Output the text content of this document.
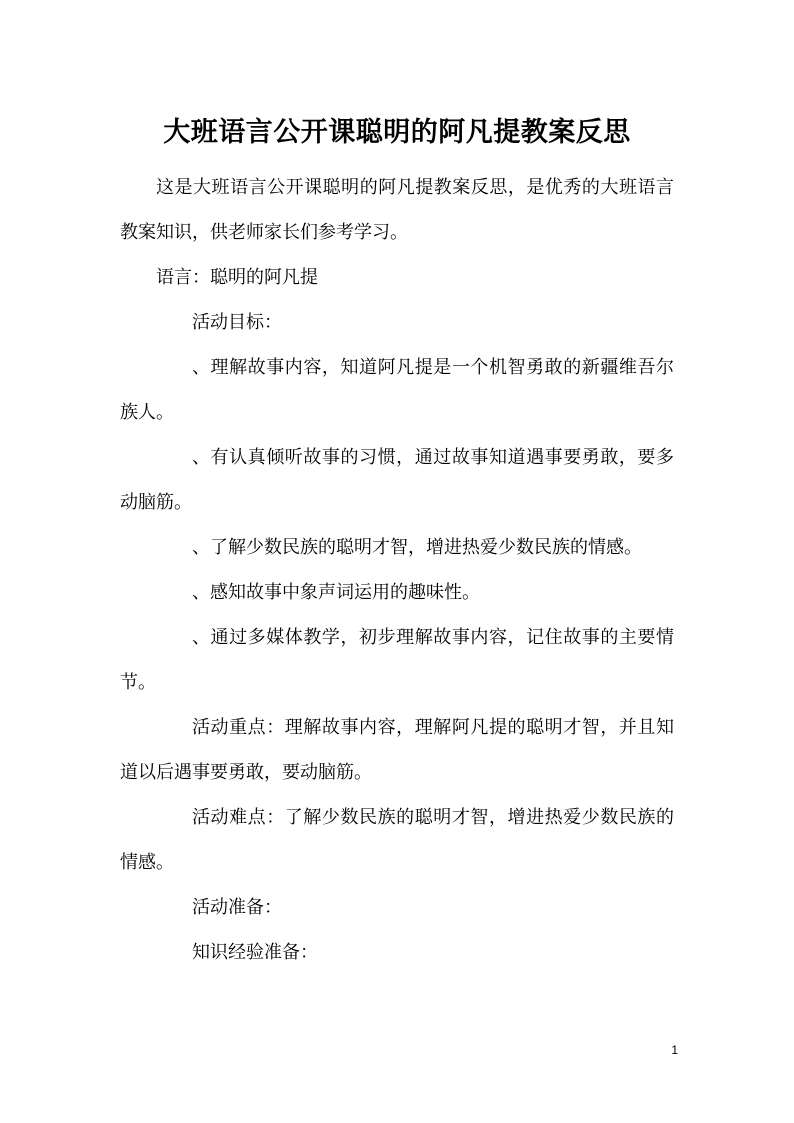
大班语言公开课聪明的阿凡提教案反思

这是大班语言公开课聪明的阿凡提教案反思，是优秀的大班语言教案知识，供老师家长们参考学习。

语言：聪明的阿凡提

活动目标：

、理解故事内容，知道阿凡提是一个机智勇敢的新疆维吾尔族人。

、有认真倾听故事的习惯，通过故事知道遇事要勇敢，要多动脑筋。

、了解少数民族的聪明才智，增进热爱少数民族的情感。

、感知故事中象声词运用的趣味性。

、通过多媒体教学，初步理解故事内容，记住故事的主要情节。

活动重点：理解故事内容，理解阿凡提的聪明才智，并且知道以后遇事要勇敢，要动脑筋。

活动难点：了解少数民族的聪明才智，增进热爱少数民族的情感。

活动准备：

知识经验准备：

1
